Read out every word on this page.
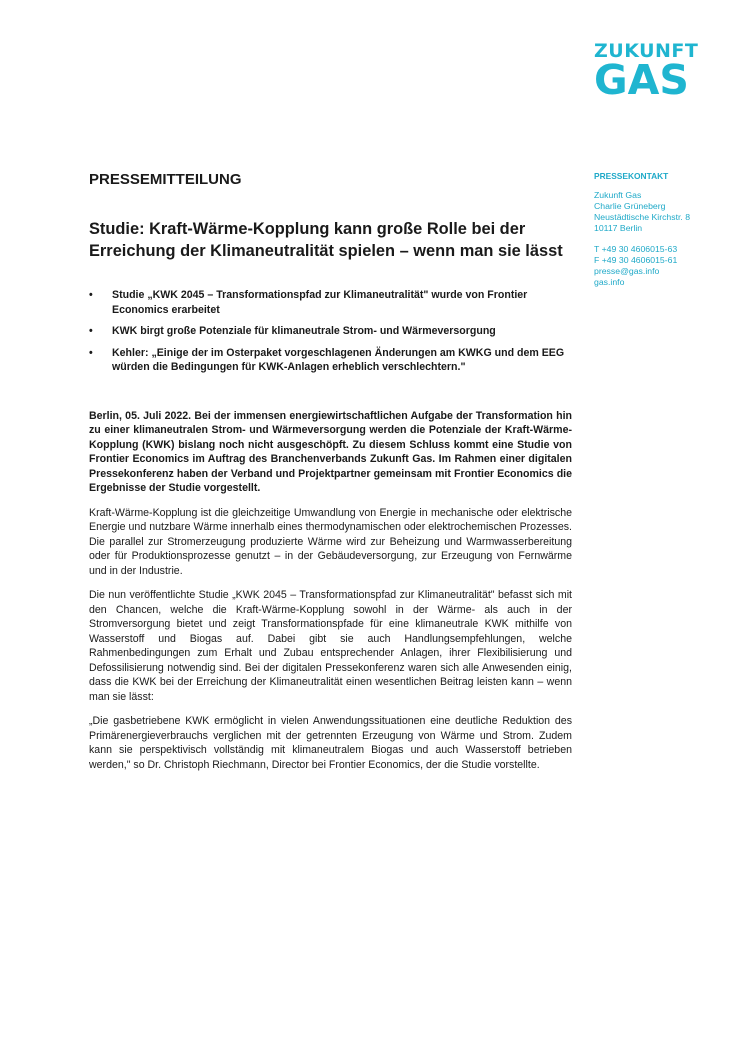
ZUKUNFT
GAS
PRESSEKONTAKT
Zukunft Gas
Charlie Grüneberg
Neustädtische Kirchstr. 8
10117 Berlin
T +49 30 4606015-63
F +49 30 4606015-61
presse@gas.info
gas.info
PRESSEMITTEILUNG
Studie: Kraft-Wärme-Kopplung kann große Rolle bei der Erreichung der Klimaneutralität spielen – wenn man sie lässt
• Studie „KWK 2045 – Transformationspfad zur Klimaneutralität" wurde von Frontier Economics erarbeitet
• KWK birgt große Potenziale für klimaneutrale Strom- und Wärmeversorgung
• Kehler: „Einige der im Osterpaket vorgeschlagenen Änderungen am KWKG und dem EEG würden die Bedingungen für KWK-Anlagen erheblich verschlechtern."

Berlin, 05. Juli 2022. Bei der immensen energiewirtschaftlichen Aufgabe der Transformation hin zu einer klimaneutralen Strom- und Wärmeversorgung werden die Potenziale der Kraft-Wärme-Kopplung (KWK) bislang noch nicht ausgeschöpft. Zu diesem Schluss kommt eine Studie von Frontier Economics im Auftrag des Branchenverbands Zukunft Gas. Im Rahmen einer digitalen Pressekonferenz haben der Verband und Projektpartner gemeinsam mit Frontier Economics die Ergebnisse der Studie vorgestellt.

Kraft-Wärme-Kopplung ist die gleichzeitige Umwandlung von Energie in mechanische oder elektrische Energie und nutzbare Wärme innerhalb eines thermodynamischen oder elektrochemischen Prozesses. Die parallel zur Stromerzeugung produzierte Wärme wird zur Beheizung und Warmwasserbereitung oder für Produktionsprozesse genutzt – in der Gebäudeversorgung, zur Erzeugung von Fernwärme und in der Industrie.

Die nun veröffentlichte Studie „KWK 2045 – Transformationspfad zur Klimaneutralität" befasst sich mit den Chancen, welche die Kraft-Wärme-Kopplung sowohl in der Wärme- als auch in der Stromversorgung bietet und zeigt Transformationspfade für eine klimaneutrale KWK mithilfe von Wasserstoff und Biogas auf. Dabei gibt sie auch Handlungsempfehlungen, welche Rahmenbedingungen zum Erhalt und Zubau entsprechender Anlagen, ihrer Flexibilisierung und Defossilisierung notwendig sind. Bei der digitalen Pressekonferenz waren sich alle Anwesenden einig, dass die KWK bei der Erreichung der Klimaneutralität einen wesentlichen Beitrag leisten kann – wenn man sie lässt:

„Die gasbetriebene KWK ermöglicht in vielen Anwendungssituationen eine deutliche Reduktion des Primärenergieverbrauchs verglichen mit der getrennten Erzeugung von Wärme und Strom. Zudem kann sie perspektivisch vollständig mit klimaneutralem Biogas und auch Wasserstoff betrieben werden," so Dr. Christoph Riechmann, Director bei Frontier Economics, der die Studie vorstellte.
